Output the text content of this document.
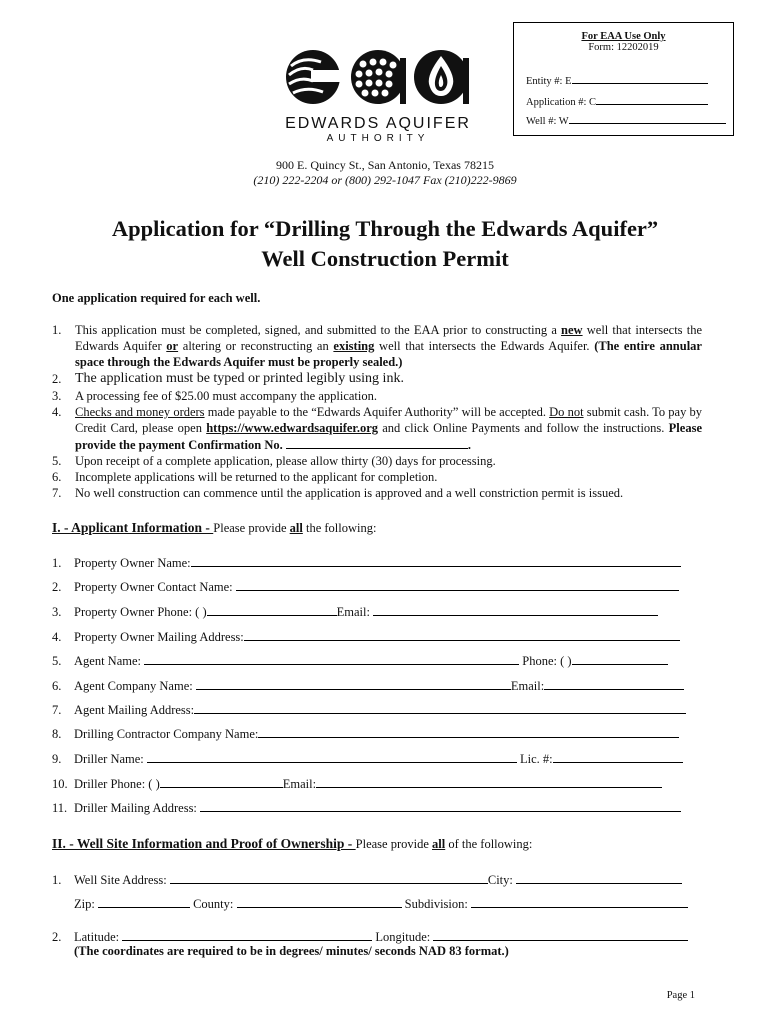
For EAA Use Only
Form: 12202019
Entity #: E
Application #: C
Well #: W
EDWARDS AQUIFER
AUTHORITY
900 E. Quincy St., San Antonio, Texas 78215
(210) 222-2204 or (800) 292-1047 Fax (210)222-9869
Application for “Drilling Through the Edwards Aquifer”
Well Construction Permit
One application required for each well.
1. This application must be completed, signed, and submitted to the EAA prior to constructing a new well that intersects the Edwards Aquifer or altering or reconstructing an existing well that intersects the Edwards Aquifer. (The entire annular space through the Edwards Aquifer must be properly sealed.)
2. The application must be typed or printed legibly using ink.
3. A processing fee of $25.00 must accompany the application.
4. Checks and money orders made payable to the “Edwards Aquifer Authority” will be accepted. Do not submit cash. To pay by Credit Card, please open https://www.edwardsaquifer.org and click Online Payments and follow the instructions. Please provide the payment Confirmation No.	.
5. Upon receipt of a complete application, please allow thirty (30) days for processing.
6. Incomplete applications will be returned to the applicant for completion.
7. No well construction can commence until the application is approved and a well constriction permit is issued.
I. - Applicant Information - Please provide all the following:
1. Property Owner Name:
2. Property Owner Contact Name:
3. Property Owner Phone: ( )	Email:
4. Property Owner Mailing Address:
5. Agent Name:	Phone: ( )
6. Agent Company Name:	Email:
7. Agent Mailing Address:
8. Drilling Contractor Company Name:
9. Driller Name:	Lic. #:
10. Driller Phone: ( )	Email:
11. Driller Mailing Address:
II. - Well Site Information and Proof of Ownership - Please provide all of the following:
1. Well Site Address:	City:
Zip:	County:	Subdivision:
2. Latitude:	Longitude:
(The coordinates are required to be in degrees/ minutes/ seconds NAD 83 format.)
Page 1
